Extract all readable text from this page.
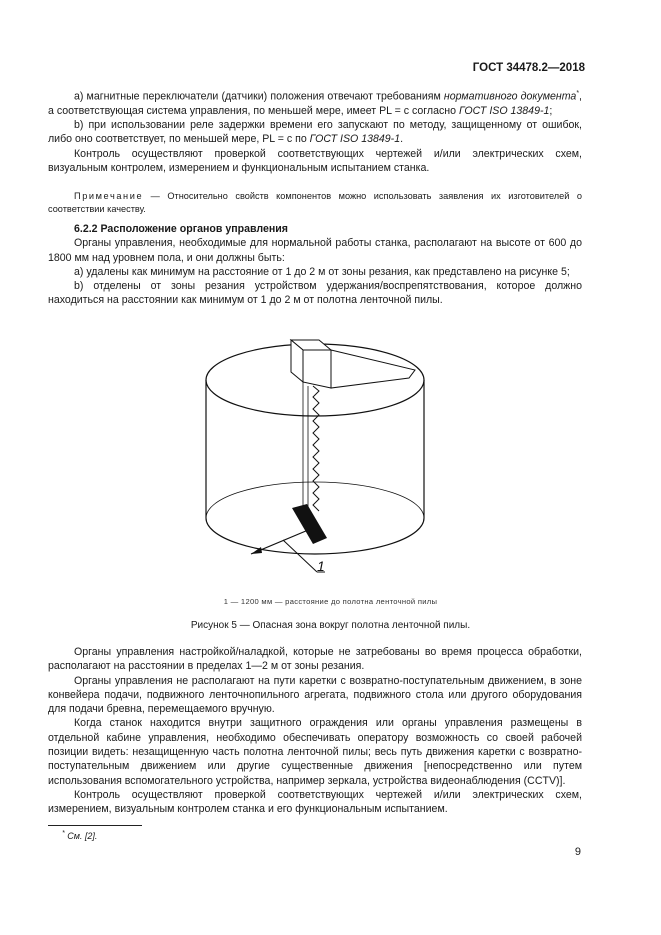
ГОСТ 34478.2—2018

а) магнитные переключатели (датчики) положения отвечают требованиям нормативного документа*, а соответствующая система управления, по меньшей мере, имеет PL = c согласно ГОСТ ISO 13849-1;

b) при использовании реле задержки времени его запускают по методу, защищенному от ошибок, либо оно соответствует, по меньшей мере, PL = c по ГОСТ ISO 13849-1.

Контроль осуществляют проверкой соответствующих чертежей и/или электрических схем, визуальным контролем, измерением и функциональным испытанием станка.

Примечание — Относительно свойств компонентов можно использовать заявления их изготовителей о соответствии качеству.

6.2.2 Расположение органов управления

Органы управления, необходимые для нормальной работы станка, располагают на высоте от 600 до 1800 мм над уровнем пола, и они должны быть:

а) удалены как минимум на расстояние от 1 до 2 м от зоны резания, как представлено на рисунке 5;

b) отделены от зоны резания устройством удержания/воспрепятствования, которое должно находиться на расстоянии как минимум от 1 до 2 м от полотна ленточной пилы.

1
1 — 1200 мм — расстояние до полотна ленточной пилы
Рисунок 5 — Опасная зона вокруг полотна ленточной пилы.

Органы управления настройкой/наладкой, которые не затребованы во время процесса обработки, располагают на расстоянии в пределах 1—2 м от зоны резания.

Органы управления не располагают на пути каретки с возвратно-поступательным движением, в зоне конвейера подачи, подвижного ленточнопильного агрегата, подвижного стола или другого оборудования для подачи бревна, перемещаемого вручную.

Когда станок находится внутри защитного ограждения или органы управления размещены в отдельной кабине управления, необходимо обеспечивать оператору возможность со своей рабочей позиции видеть: незащищенную часть полотна ленточной пилы; весь путь движения каретки с возвратно-поступательным движением или другие существенные движения [непосредственно или путем использования вспомогательного устройства, например зеркала, устройства видеонаблюдения (CCTV)].

Контроль осуществляют проверкой соответствующих чертежей и/или электрических схем, измерением, визуальным контролем станка и его функциональным испытанием.

* См. [2].
9
